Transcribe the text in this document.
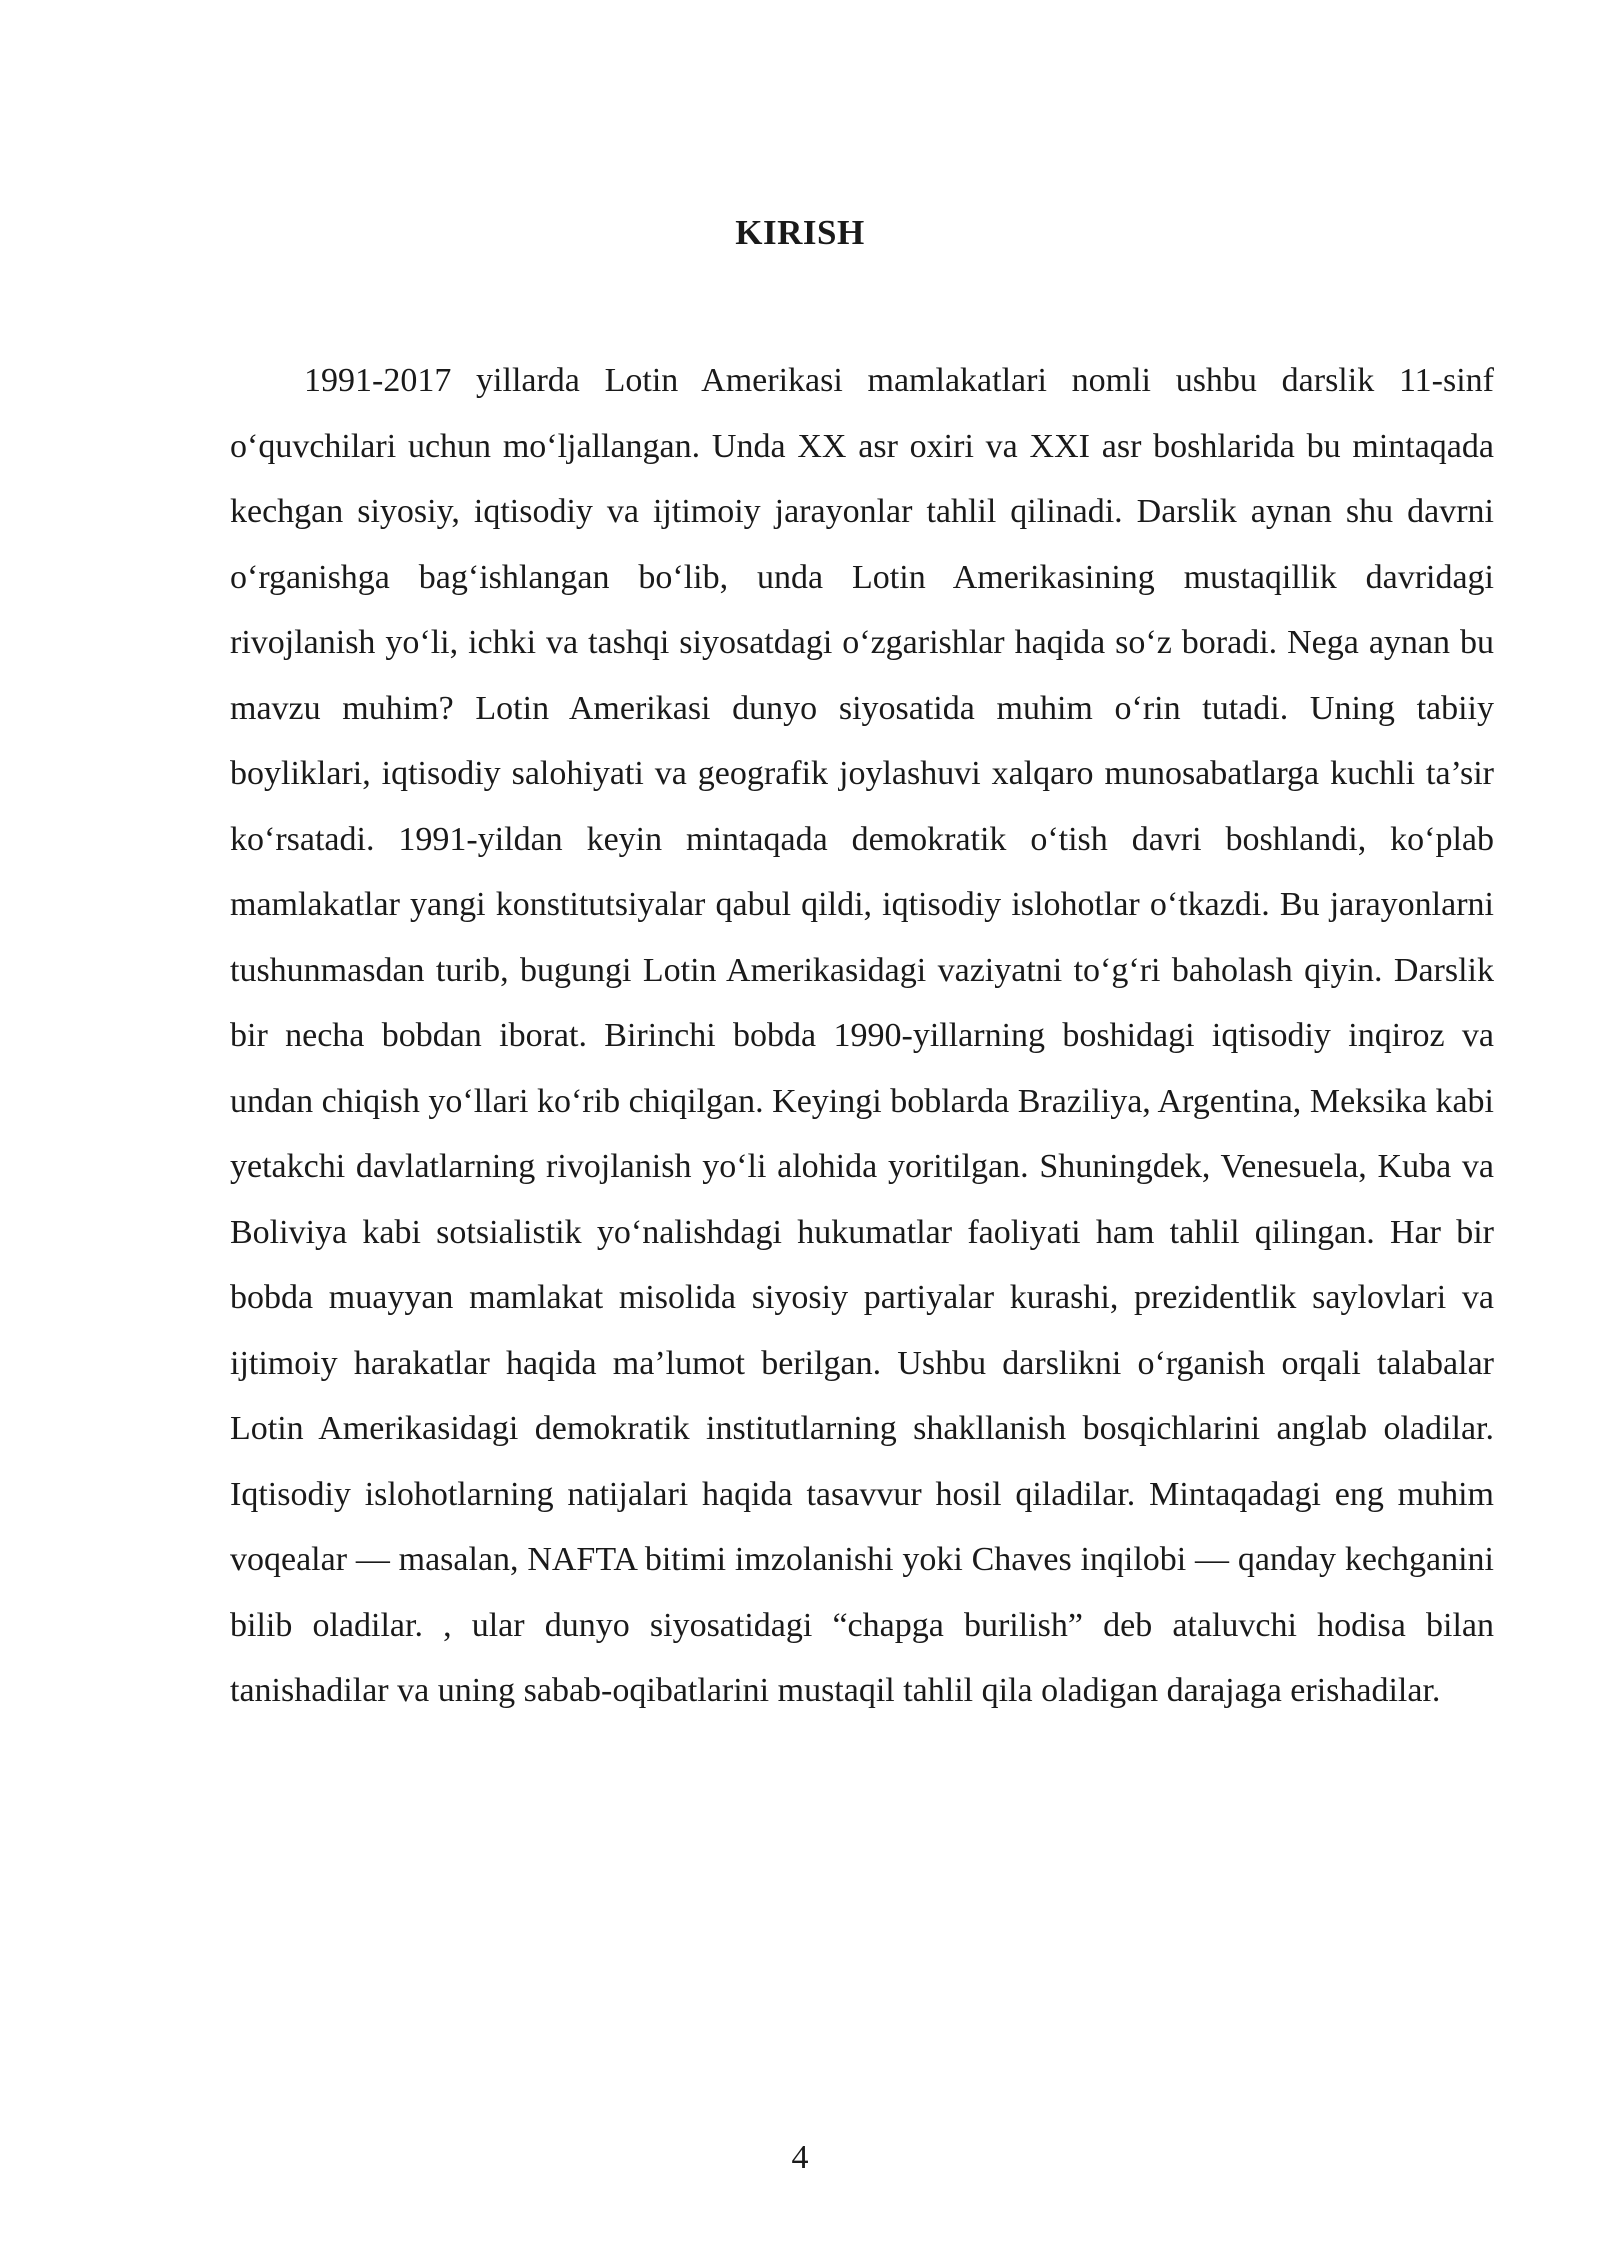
KIRISH

1991-2017 yillarda Lotin Amerikasi mamlakatlari nomli ushbu darslik 11-sinf o‘quvchilari uchun mo‘ljallangan. Unda XX asr oxiri va XXI asr boshlarida bu mintaqada kechgan siyosiy, iqtisodiy va ijtimoiy jarayonlar tahlil qilinadi. Darslik aynan shu davrni o‘rganishga bag‘ishlangan bo‘lib, unda Lotin Amerikasining mustaqillik davridagi rivojlanish yo‘li, ichki va tashqi siyosatdagi o‘zgarishlar haqida so‘z boradi. Nega aynan bu mavzu muhim? Lotin Amerikasi dunyo siyosatida muhim o‘rin tutadi. Uning tabiiy boyliklari, iqtisodiy salohiyati va geografik joylashuvi xalqaro munosabatlarga kuchli ta’sir ko‘rsatadi. 1991-yildan keyin mintaqada demokratik o‘tish davri boshlandi, ko‘plab mamlakatlar yangi konstitutsiyalar qabul qildi, iqtisodiy islohotlar o‘tkazdi. Bu jarayonlarni tushunmasdan turib, bugungi Lotin Amerikasidagi vaziyatni to‘g‘ri baholash qiyin. Darslik bir necha bobdan iborat. Birinchi bobda 1990-yillarning boshidagi iqtisodiy inqiroz va undan chiqish yo‘llari ko‘rib chiqilgan. Keyingi boblarda Braziliya, Argentina, Meksika kabi yetakchi davlatlarning rivojlanish yo‘li alohida yoritilgan. Shuningdek, Venesuela, Kuba va Boliviya kabi sotsialistik yo‘nalishdagi hukumatlar faoliyati ham tahlil qilingan. Har bir bobda muayyan mamlakat misolida siyosiy partiyalar kurashi, prezidentlik saylovlari va ijtimoiy harakatlar haqida ma’lumot berilgan. Ushbu darslikni o‘rganish orqali talabalar Lotin Amerikasidagi demokratik institutlarning shakllanish bosqichlarini anglab oladilar. Iqtisodiy islohotlarning natijalari haqida tasavvur hosil qiladilar. Mintaqadagi eng muhim voqealar — masalan, NAFTA bitimi imzolanishi yoki Chaves inqilobi — qanday kechganini bilib oladilar. , ular dunyo siyosatidagi “chapga burilish” deb ataluvchi hodisa bilan tanishadilar va uning sabab-oqibatlarini mustaqil tahlil qila oladigan darajaga erishadilar.

4
